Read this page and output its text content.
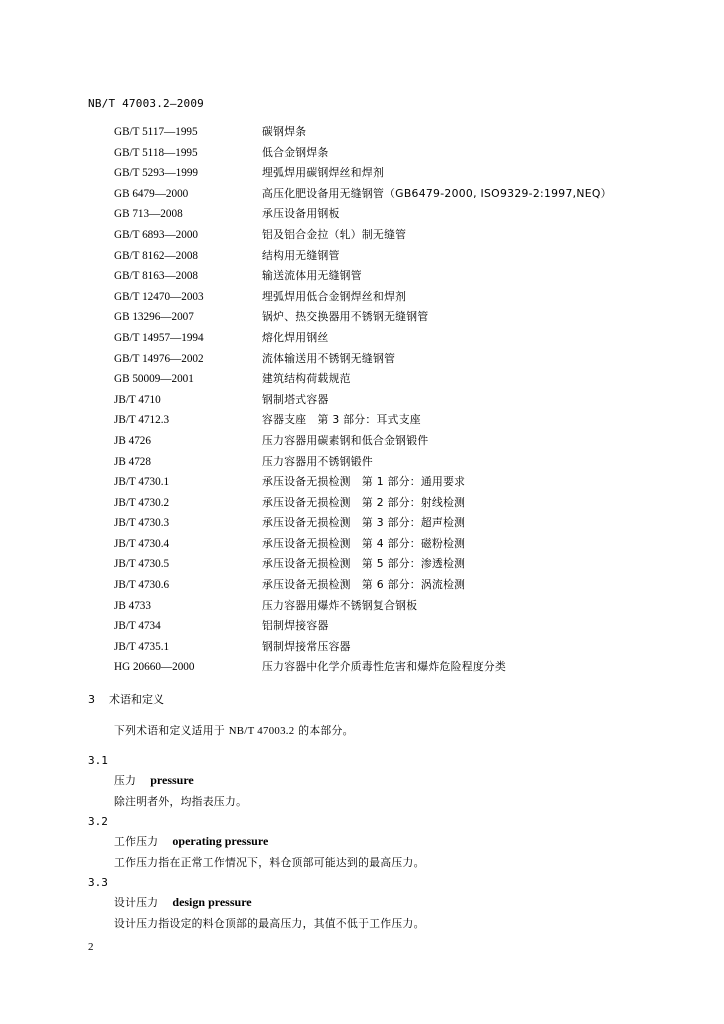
NB/T 47003.2—2009
GB/T 5117—1995	碳钢焊条
GB/T 5118—1995	低合金钢焊条
GB/T 5293—1999	埋弧焊用碳钢焊丝和焊剂
GB 6479—2000	高压化肥设备用无缝钢管（GB6479-2000, ISO9329-2:1997,NEQ）
GB 713—2008	承压设备用钢板
GB/T 6893—2000	铝及铝合金拉（轧）制无缝管
GB/T 8162—2008	结构用无缝钢管
GB/T 8163—2008	输送流体用无缝钢管
GB/T 12470—2003	埋弧焊用低合金钢焊丝和焊剂
GB 13296—2007	锅炉、热交换器用不锈钢无缝钢管
GB/T 14957—1994	熔化焊用钢丝
GB/T 14976—2002	流体输送用不锈钢无缝钢管
GB 50009—2001	建筑结构荷载规范
JB/T 4710	钢制塔式容器
JB/T 4712.3	容器支座　第 3 部分：耳式支座
JB 4726	压力容器用碳素钢和低合金钢锻件
JB 4728	压力容器用不锈钢锻件
JB/T 4730.1	承压设备无损检测　第 1 部分：通用要求
JB/T 4730.2	承压设备无损检测　第 2 部分：射线检测
JB/T 4730.3	承压设备无损检测　第 3 部分：超声检测
JB/T 4730.4	承压设备无损检测　第 4 部分：磁粉检测
JB/T 4730.5	承压设备无损检测　第 5 部分：渗透检测
JB/T 4730.6	承压设备无损检测　第 6 部分：涡流检测
JB 4733	压力容器用爆炸不锈钢复合钢板
JB/T 4734	铝制焊接容器
JB/T 4735.1	钢制焊接常压容器
HG 20660—2000	压力容器中化学介质毒性危害和爆炸危险程度分类
3 术语和定义
下列术语和定义适用于 NB/T 47003.2 的本部分。
3.1
压力 pressure
除注明者外，均指表压力。
3.2
工作压力 operating pressure
工作压力指在正常工作情况下，料仓顶部可能达到的最高压力。
3.3
设计压力 design pressure
设计压力指设定的料仓顶部的最高压力，其值不低于工作压力。
2
